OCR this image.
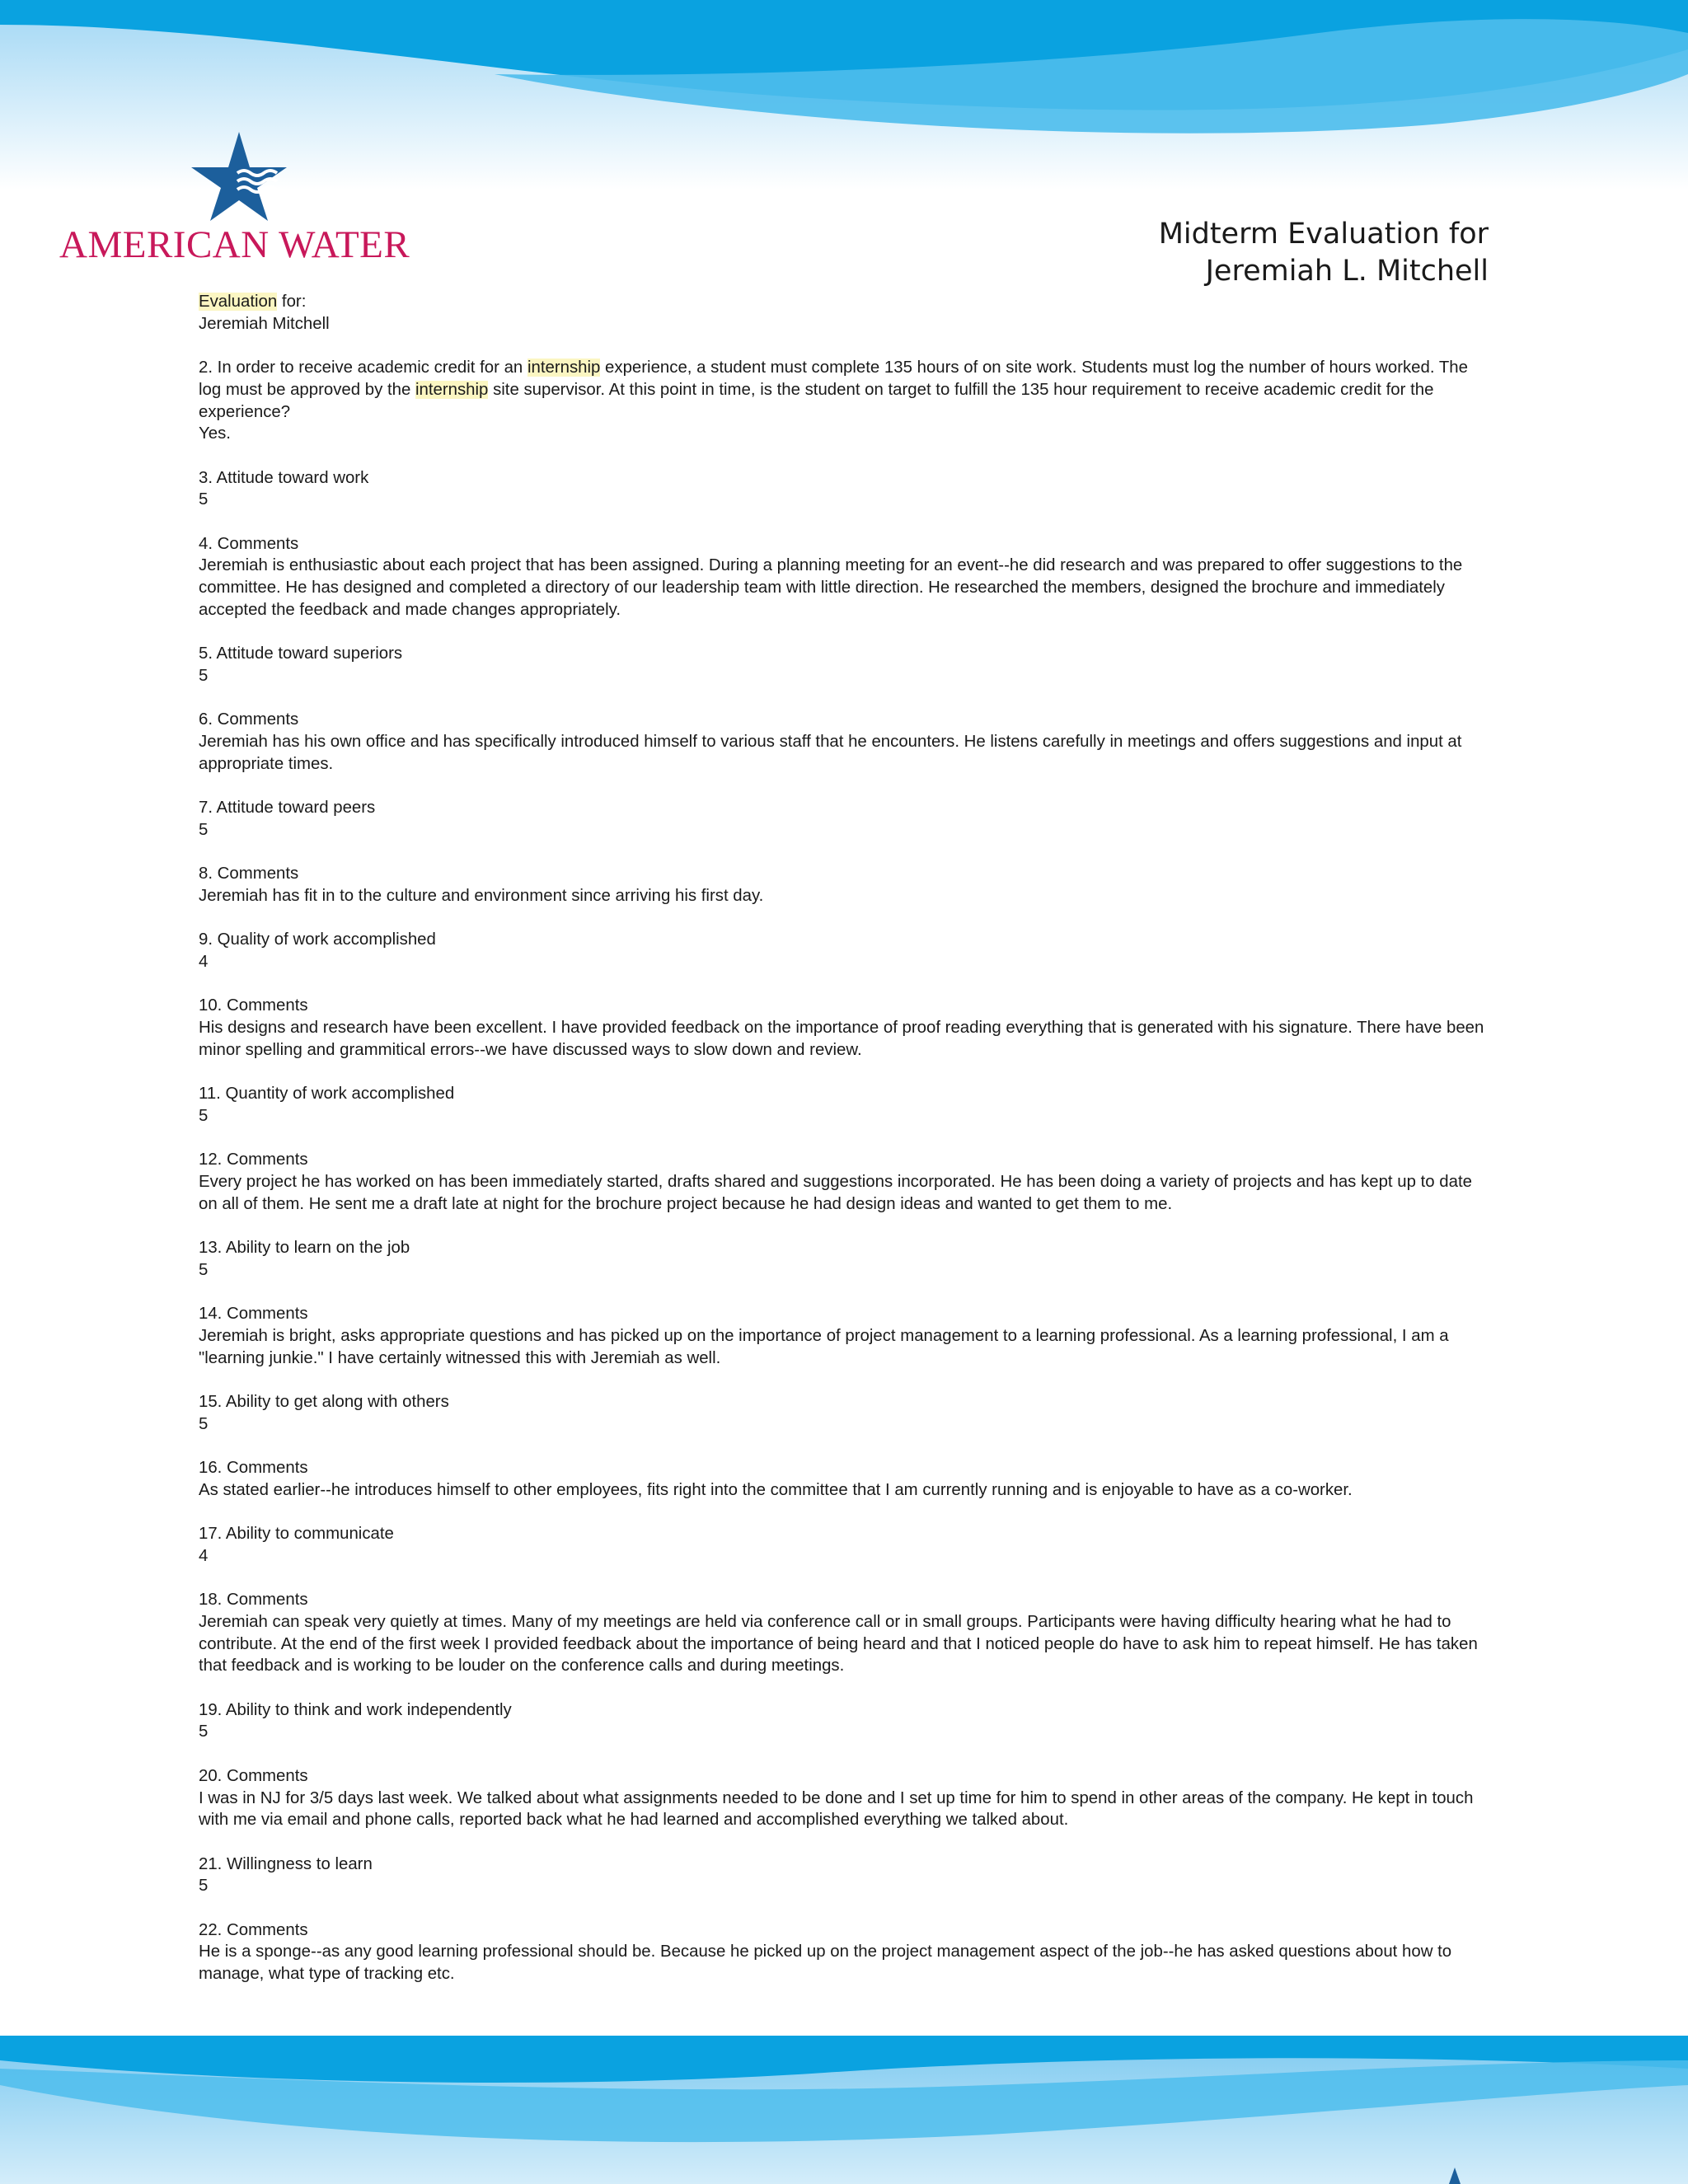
AMERICAN WATER	Midterm Evaluation for
Jeremiah L. Mitchell

Evaluation for:

Jeremiah Mitchell

2. In order to receive academic credit for an internship experience, a student must complete 135 hours of on site work. Students must log the number of hours worked. The log must be approved by the internship site supervisor. At this point in time, is the student on target to fulfill the 135 hour requirement to receive academic credit for the experience?

Yes.

3. Attitude toward work

5

4. Comments

Jeremiah is enthusiastic about each project that has been assigned. During a planning meeting for an event--he did research and was prepared to offer suggestions to the committee. He has designed and completed a directory of our leadership team with little direction. He researched the members, designed the brochure and immediately accepted the feedback and made changes appropriately.

5. Attitude toward superiors

5

6. Comments

Jeremiah has his own office and has specifically introduced himself to various staff that he encounters. He listens carefully in meetings and offers suggestions and input at appropriate times.

7. Attitude toward peers

5

8. Comments

Jeremiah has fit in to the culture and environment since arriving his first day.

9. Quality of work accomplished

4

10. Comments

His designs and research have been excellent. I have provided feedback on the importance of proof reading everything that is generated with his signature. There have been minor spelling and grammitical errors--we have discussed ways to slow down and review.

11. Quantity of work accomplished

5

12. Comments

Every project he has worked on has been immediately started, drafts shared and suggestions incorporated. He has been doing a variety of projects and has kept up to date on all of them. He sent me a draft late at night for the brochure project because he had design ideas and wanted to get them to me.

13. Ability to learn on the job

5

14. Comments

Jeremiah is bright, asks appropriate questions and has picked up on the importance of project management to a learning professional. As a learning professional, I am a "learning junkie." I have certainly witnessed this with Jeremiah as well.

15. Ability to get along with others

5

16. Comments

As stated earlier--he introduces himself to other employees, fits right into the committee that I am currently running and is enjoyable to have as a co-worker.

17. Ability to communicate

4

18. Comments

Jeremiah can speak very quietly at times. Many of my meetings are held via conference call or in small groups. Participants were having difficulty hearing what he had to contribute. At the end of the first week I provided feedback about the importance of being heard and that I noticed people do have to ask him to repeat himself. He has taken that feedback and is working to be louder on the conference calls and during meetings.

19. Ability to think and work independently

5

20. Comments

I was in NJ for 3/5 days last week. We talked about what assignments needed to be done and I set up time for him to spend in other areas of the company. He kept in touch with me via email and phone calls, reported back what he had learned and accomplished everything we talked about.

21. Willingness to learn

5

22. Comments

He is a sponge--as any good learning professional should be. Because he picked up on the project management aspect of the job--he has asked questions about how to manage, what type of tracking etc.
